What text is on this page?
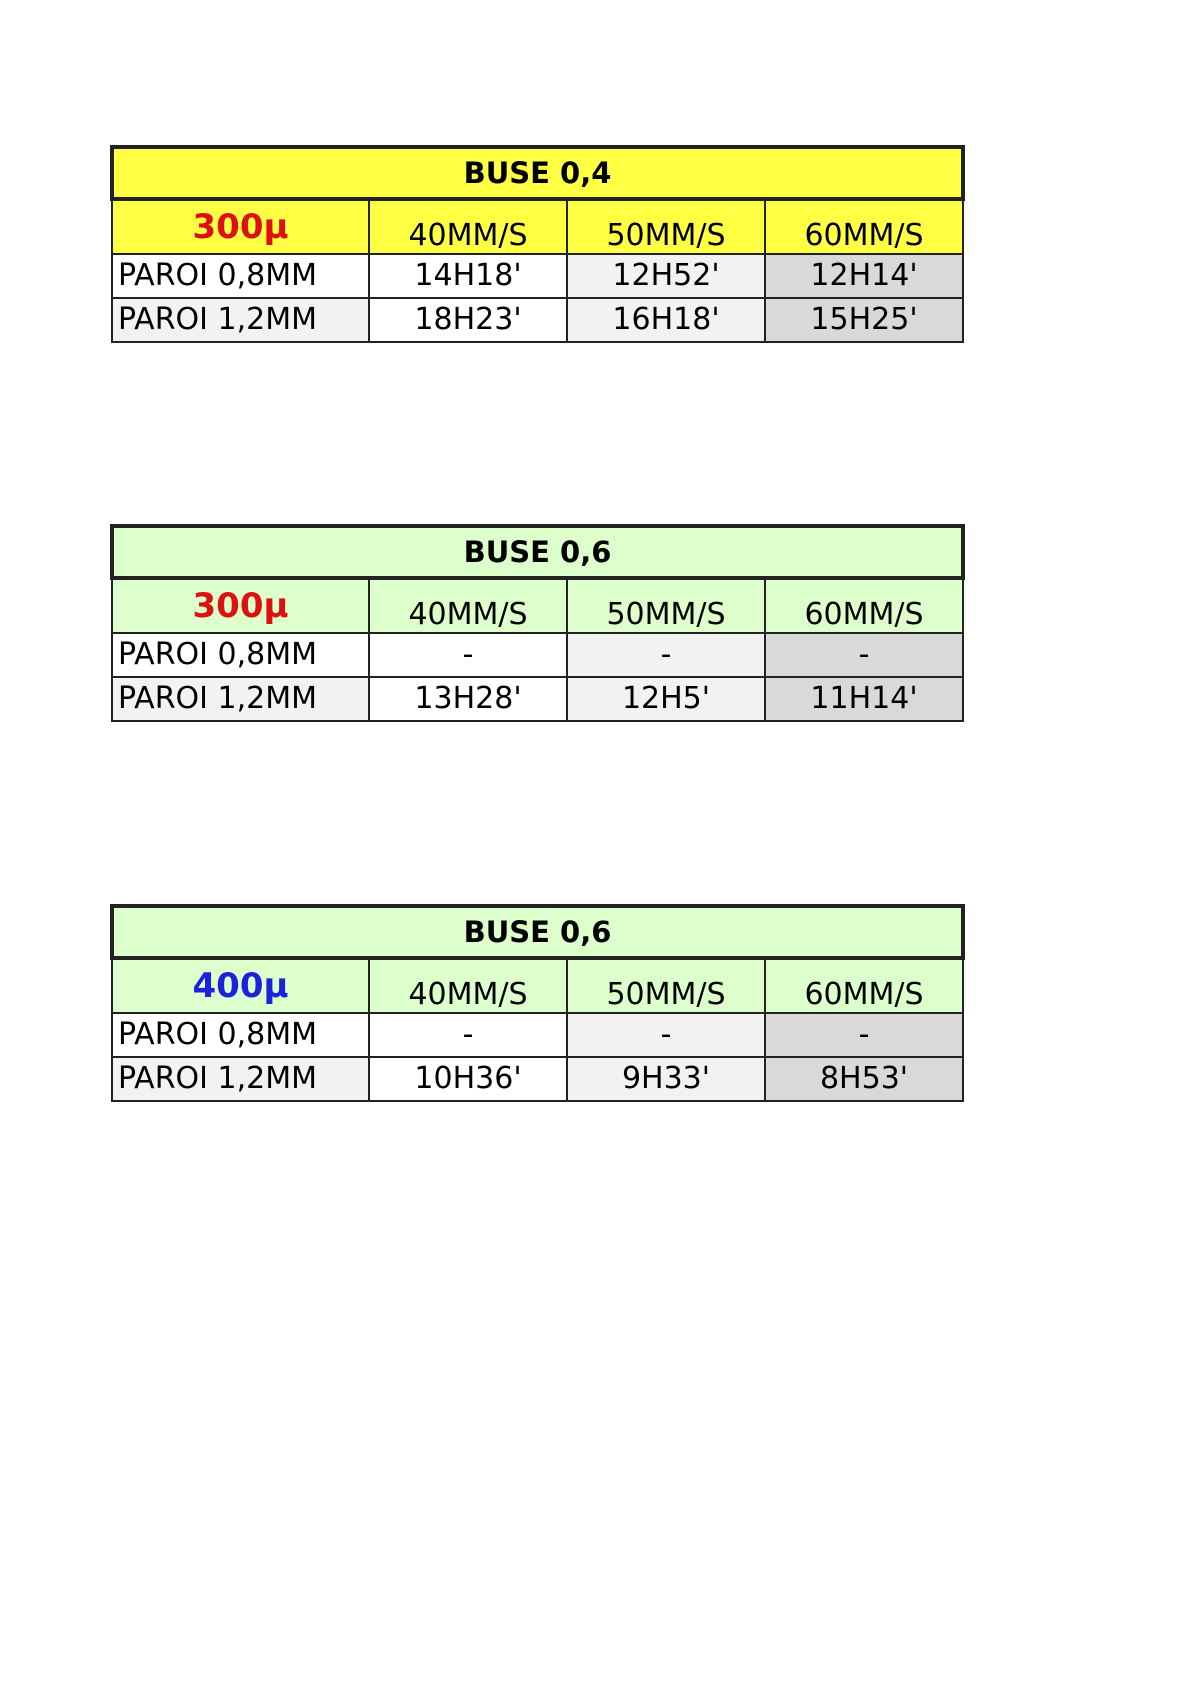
BUSE 0,4			
300µ	40MM/S	50MM/S	60MM/S
PAROI 0,8MM	14H18'	12H52'	12H14'
PAROI 1,2MM	18H23'	16H18'	15H25'
BUSE 0,6			
300µ	40MM/S	50MM/S	60MM/S
PAROI 0,8MM	-	-	-
PAROI 1,2MM	13H28'	12H5'	11H14'
BUSE 0,6			
400µ	40MM/S	50MM/S	60MM/S
PAROI 0,8MM	-	-	-
PAROI 1,2MM	10H36'	9H33'	8H53'
